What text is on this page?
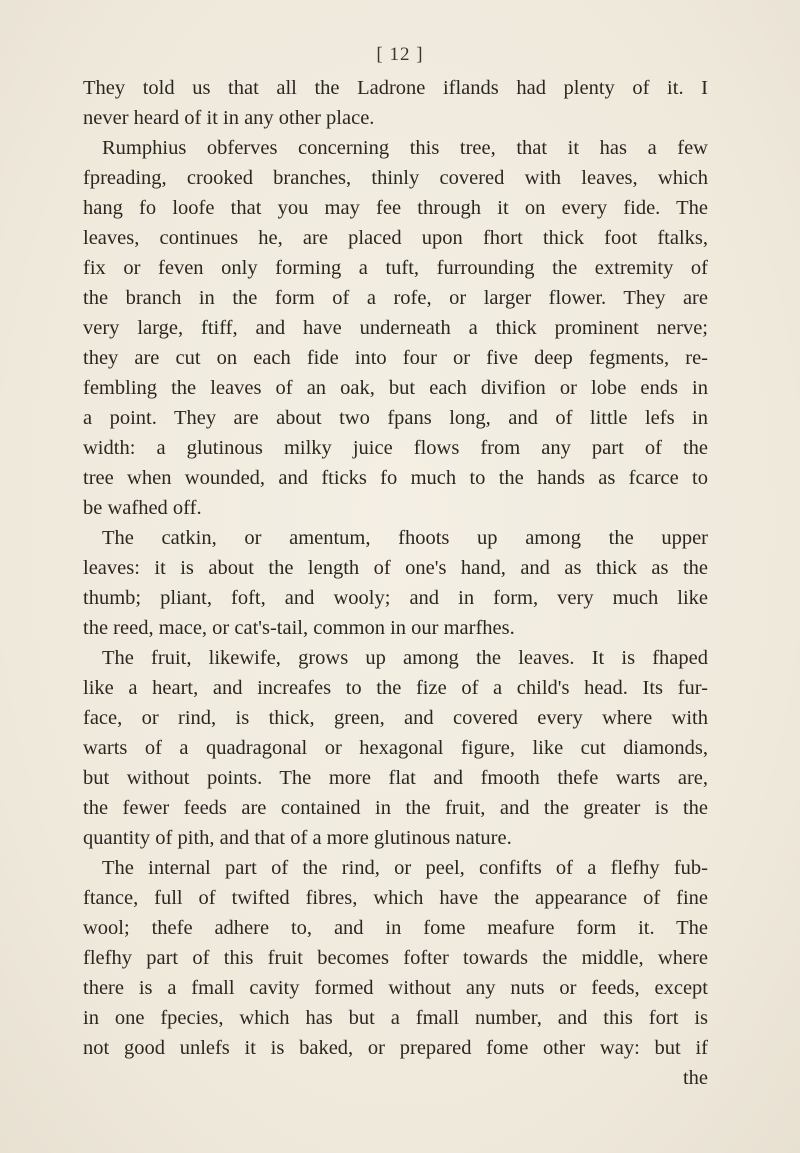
[ 12 ]
They told us that all the Ladrone iflands had plenty of it. I
never heard of it in any other place.
Rumphius obferves concerning this tree, that it has a few
fpreading, crooked branches, thinly covered with leaves, which
hang fo loofe that you may fee through it on every fide. The
leaves, continues he, are placed upon fhort thick foot ftalks,
fix or feven only forming a tuft, furrounding the extremity of
the branch in the form of a rofe, or larger flower. They are
very large, ftiff, and have underneath a thick prominent nerve;
they are cut on each fide into four or five deep fegments, re-
fembling the leaves of an oak, but each divifion or lobe ends in
a point. They are about two fpans long, and of little lefs in
width: a glutinous milky juice flows from any part of the
tree when wounded, and fticks fo much to the hands as fcarce to
be wafhed off.
The catkin, or amentum, fhoots up among the upper
leaves: it is about the length of one's hand, and as thick as the
thumb; pliant, foft, and wooly; and in form, very much like
the reed, mace, or cat's-tail, common in our marfhes.
The fruit, likewife, grows up among the leaves. It is fhaped
like a heart, and increafes to the fize of a child's head. Its fur-
face, or rind, is thick, green, and covered every where with
warts of a quadragonal or hexagonal figure, like cut diamonds,
but without points. The more flat and fmooth thefe warts are,
the fewer feeds are contained in the fruit, and the greater is the
quantity of pith, and that of a more glutinous nature.
The internal part of the rind, or peel, confifts of a flefhy fub-
ftance, full of twifted fibres, which have the appearance of fine
wool; thefe adhere to, and in fome meafure form it. The
flefhy part of this fruit becomes fofter towards the middle, where
there is a fmall cavity formed without any nuts or feeds, except
in one fpecies, which has but a fmall number, and this fort is
not good unlefs it is baked, or prepared fome other way: but if
the
